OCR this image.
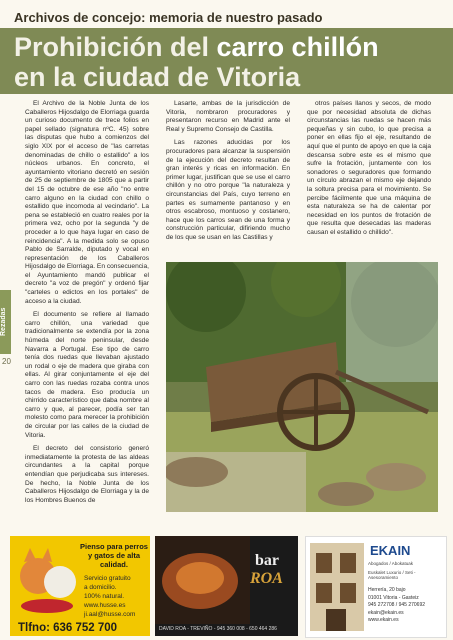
Archivos de concejo: memoria de nuestro pasado
Prohibición del carro chillón
en la ciudad de Vitoria
Rezadas
20

El Archivo de la Noble Junta de los Caballeros Hijosdalgo de Elorriaga guarda un curioso documento de trece folios en papel sellado (signatura nºC. 45) sobre las disputas que hubo a comienzos del siglo XIX por el acceso de "las carretas denominadas de chillo o estallido" a los núcleos urbanos. En concreto, el ayuntamiento vitoriano decretó en sesión de 25 de septiembre de 1805 que a partir del 15 de octubre de ese año "no entre carro alguno en la ciudad con chillo o estallido que incomoda al vecindario". La pena se estableció en cuatro reales por la primera vez, ocho por la segunda "y de proceder a lo que haya lugar en caso de reincidencia". A la medida solo se opuso Pablo de Sarralde, diputado y vocal en representación de los Caballeros Hijosdalgo de Elorriaga. En consecuencia, el Ayuntamiento mandó publicar el decreto "a voz de pregón" y ordenó fijar "carteles o edictos en los portales" de acceso a la ciudad.

El documento se refiere al llamado carro chillón, una variedad que tradicionalmente se extendía por la zona húmeda del norte peninsular, desde Navarra a Portugal. Ese tipo de carro tenía dos ruedas que llevaban ajustado un rodal o eje de madera que giraba con ellas. Al girar conjuntamente el eje del carro con las ruedas rozaba contra unos tacos de madera. Eso producía un chirrido característico que daba nombre al carro y que, al parecer, podía ser tan molesto como para merecer la prohibición de circular por las calles de la ciudad de Vitoria.

El decreto del consistorio generó inmediatamente la protesta de las aldeas circundantes a la capital porque entendían que perjudicaba sus intereses. De hecho, la Noble Junta de los Caballeros Hijosdalgo de Elorriaga y la de los Hombres Buenos de

Lasarte, ambas de la jurisdicción de Vitoria, nombraron procuradores y presentaron recurso en Madrid ante el Real y Supremo Consejo de Castilla.

Las razones aducidas por los procuradores para alcanzar la suspensión de la ejecución del decreto resultan de gran interés y ricas en información. En primer lugar, justifican que se use el carro chillón y no otro porque "la naturaleza y circunstancias del País, cuyo terreno en partes es sumamente pantanoso y en otros escabroso, montuoso y costanero, hace que los carros sean de una forma y construcción particular, difiriendo mucho de los que se usan en las Castillas y

otros países llanos y secos, de modo que por necesidad absoluta de dichas circunstancias las ruedas se hacen más pequeñas y sin cubo, lo que precisa a poner en ellas fijo el eje, resultando de aquí que el punto de apoyo en que la caja descansa sobre este es el mismo que sufre la frotación, juntamente con los sonadores o seguradores que formando un círculo abrazan el mismo eje dejando la soltura precisa para el movimiento. Se percibe fácilmente que una máquina de esta naturaleza se ha de calentar por necesidad en los puntos de frotación de que resulta que desecadas las maderas causan el estallido o chillido".

Pienso para perros y gatos de alta calidad.
Servicio gratuito
a domicilio.
100% natural.
www.husse.es
ji.aal@husse.com
Tlfno: 636 752 700
bar
ROA
DAVID ROA - TREVIÑO - 945 360 008 - 650 464 286
EKAIN
Abogados / Abokatuak
Euskalet Luxurio / Seti - Asesoramiento
Herrería, 20 bajo
01001 Vitoria - Gasteiz
945 272708 / 945 270692
ekain@ekain.es
www.ekain.es
